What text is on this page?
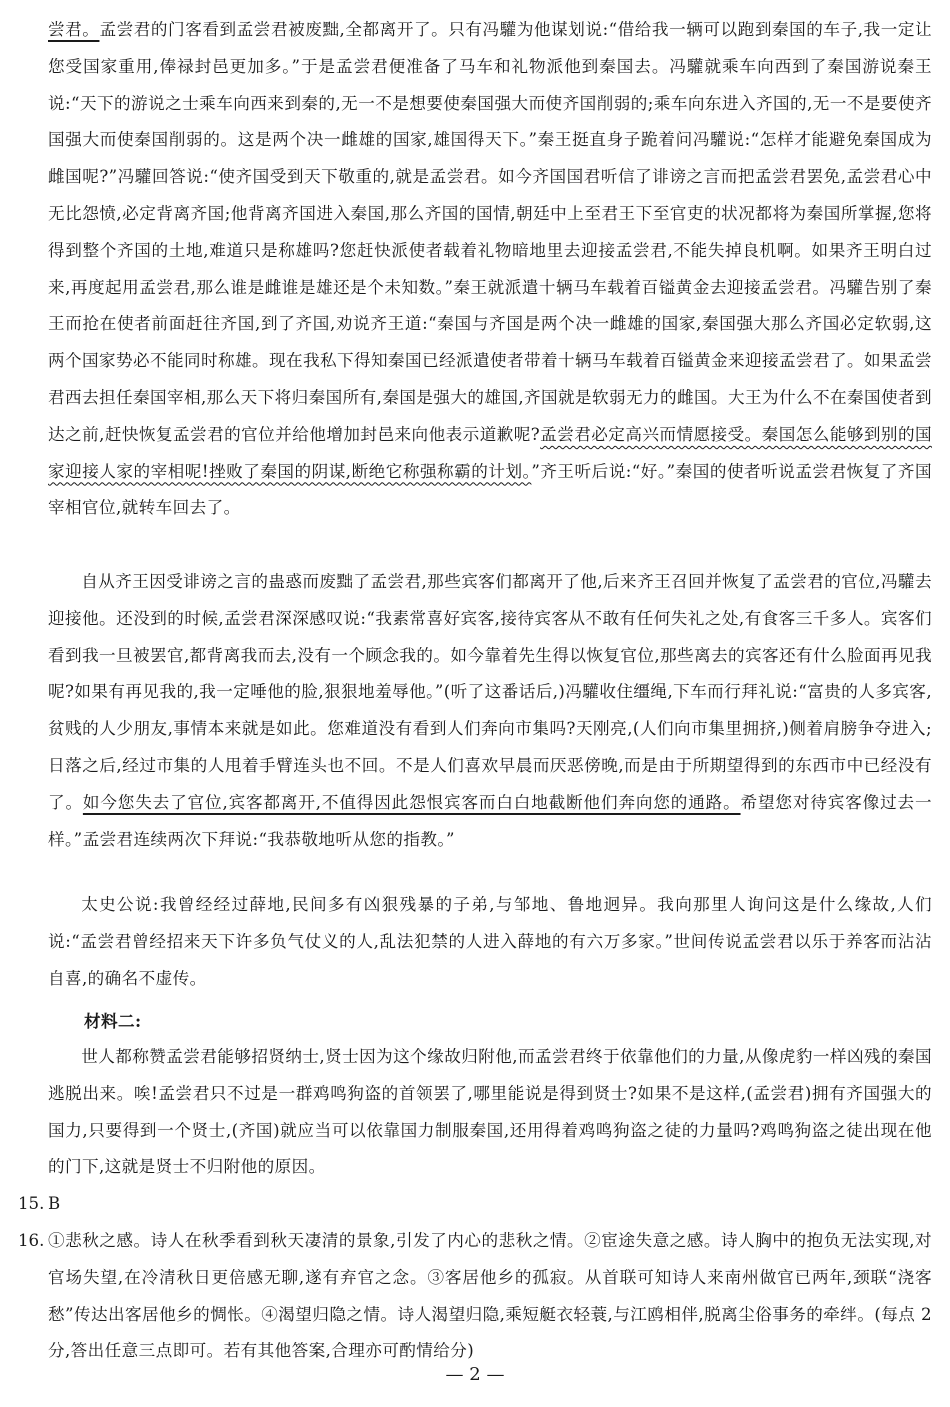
尝君。孟尝君的门客看到孟尝君被废黜,全都离开了。只有冯驩为他谋划说:“借给我一辆可以跑到秦国的车子,我一定让您受国家重用,俸禄封邑更加多。”于是孟尝君便准备了马车和礼物派他到秦国去。冯驩就乘车向西到了秦国游说秦王说:“天下的游说之士乘车向西来到秦的,无一不是想要使秦国强大而使齐国削弱的;乘车向东进入齐国的,无一不是要使齐国强大而使秦国削弱的。这是两个决一雌雄的国家,雄国得天下。”秦王挺直身子跪着问冯驩说:“怎样才能避免秦国成为雌国呢?”冯驩回答说:“使齐国受到天下敬重的,就是孟尝君。如今齐国国君听信了诽谤之言而把孟尝君罢免,孟尝君心中无比怨愤,必定背离齐国;他背离齐国进入秦国,那么齐国的国情,朝廷中上至君王下至官吏的状况都将为秦国所掌握,您将得到整个齐国的土地,难道只是称雄吗?您赶快派使者载着礼物暗地里去迎接孟尝君,不能失掉良机啊。如果齐王明白过来,再度起用孟尝君,那么谁是雌谁是雄还是个未知数。”秦王就派遣十辆马车载着百镒黄金去迎接孟尝君。冯驩告别了秦王而抢在使者前面赶往齐国,到了齐国,劝说齐王道:“秦国与齐国是两个决一雌雄的国家,秦国强大那么齐国必定软弱,这两个国家势必不能同时称雄。现在我私下得知秦国已经派遣使者带着十辆马车载着百镒黄金来迎接孟尝君了。如果孟尝君西去担任秦国宰相,那么天下将归秦国所有,秦国是强大的雄国,齐国就是软弱无力的雌国。大王为什么不在秦国使者到达之前,赶快恢复孟尝君的官位并给他增加封邑来向他表示道歉呢?孟尝君必定高兴而情愿接受。秦国怎么能够到别的国家迎接人家的宰相呢!挫败了秦国的阴谋,断绝它称强称霸的计划。”齐王听后说:“好。”秦国的使者听说孟尝君恢复了齐国宰相官位,就转车回去了。

自从齐王因受诽谤之言的蛊惑而废黜了孟尝君,那些宾客们都离开了他,后来齐王召回并恢复了孟尝君的官位,冯驩去迎接他。还没到的时候,孟尝君深深感叹说:“我素常喜好宾客,接待宾客从不敢有任何失礼之处,有食客三千多人。宾客们看到我一旦被罢官,都背离我而去,没有一个顾念我的。如今靠着先生得以恢复官位,那些离去的宾客还有什么脸面再见我呢?如果有再见我的,我一定唾他的脸,狠狠地羞辱他。”(听了这番话后,)冯驩收住缰绳,下车而行拜礼说:“富贵的人多宾客,贫贱的人少朋友,事情本来就是如此。您难道没有看到人们奔向市集吗?天刚亮,(人们向市集里拥挤,)侧着肩膀争夺进入;日落之后,经过市集的人甩着手臂连头也不回。不是人们喜欢早晨而厌恶傍晚,而是由于所期望得到的东西市中已经没有了。如今您失去了官位,宾客都离开,不值得因此怨恨宾客而白白地截断他们奔向您的通路。希望您对待宾客像过去一样。”孟尝君连续两次下拜说:“我恭敬地听从您的指教。”

太史公说:我曾经经过薛地,民间多有凶狠残暴的子弟,与邹地、鲁地迥异。我向那里人询问这是什么缘故,人们说:“孟尝君曾经招来天下许多负气仗义的人,乱法犯禁的人进入薛地的有六万多家。”世间传说孟尝君以乐于养客而沾沾自喜,的确名不虚传。

材料二:

世人都称赞孟尝君能够招贤纳士,贤士因为这个缘故归附他,而孟尝君终于依靠他们的力量,从像虎豹一样凶残的秦国逃脱出来。唉!孟尝君只不过是一群鸡鸣狗盗的首领罢了,哪里能说是得到贤士?如果不是这样,(孟尝君)拥有齐国强大的国力,只要得到一个贤士,(齐国)就应当可以依靠国力制服秦国,还用得着鸡鸣狗盗之徒的力量吗?鸡鸣狗盗之徒出现在他的门下,这就是贤士不归附他的原因。

15. B
16. ①悲秋之感。诗人在秋季看到秋天凄清的景象,引发了内心的悲秋之情。②宦途失意之感。诗人胸中的抱负无法实现,对官场失望,在冷清秋日更倍感无聊,遂有弃官之念。③客居他乡的孤寂。从首联可知诗人来南州做官已两年,颈联“浇客愁”传达出客居他乡的惆怅。④渴望归隐之情。诗人渴望归隐,乘短艇衣轻蓑,与江鸥相伴,脱离尘俗事务的牵绊。(每点 2 分,答出任意三点即可。若有其他答案,合理亦可酌情给分)

— 2 —
